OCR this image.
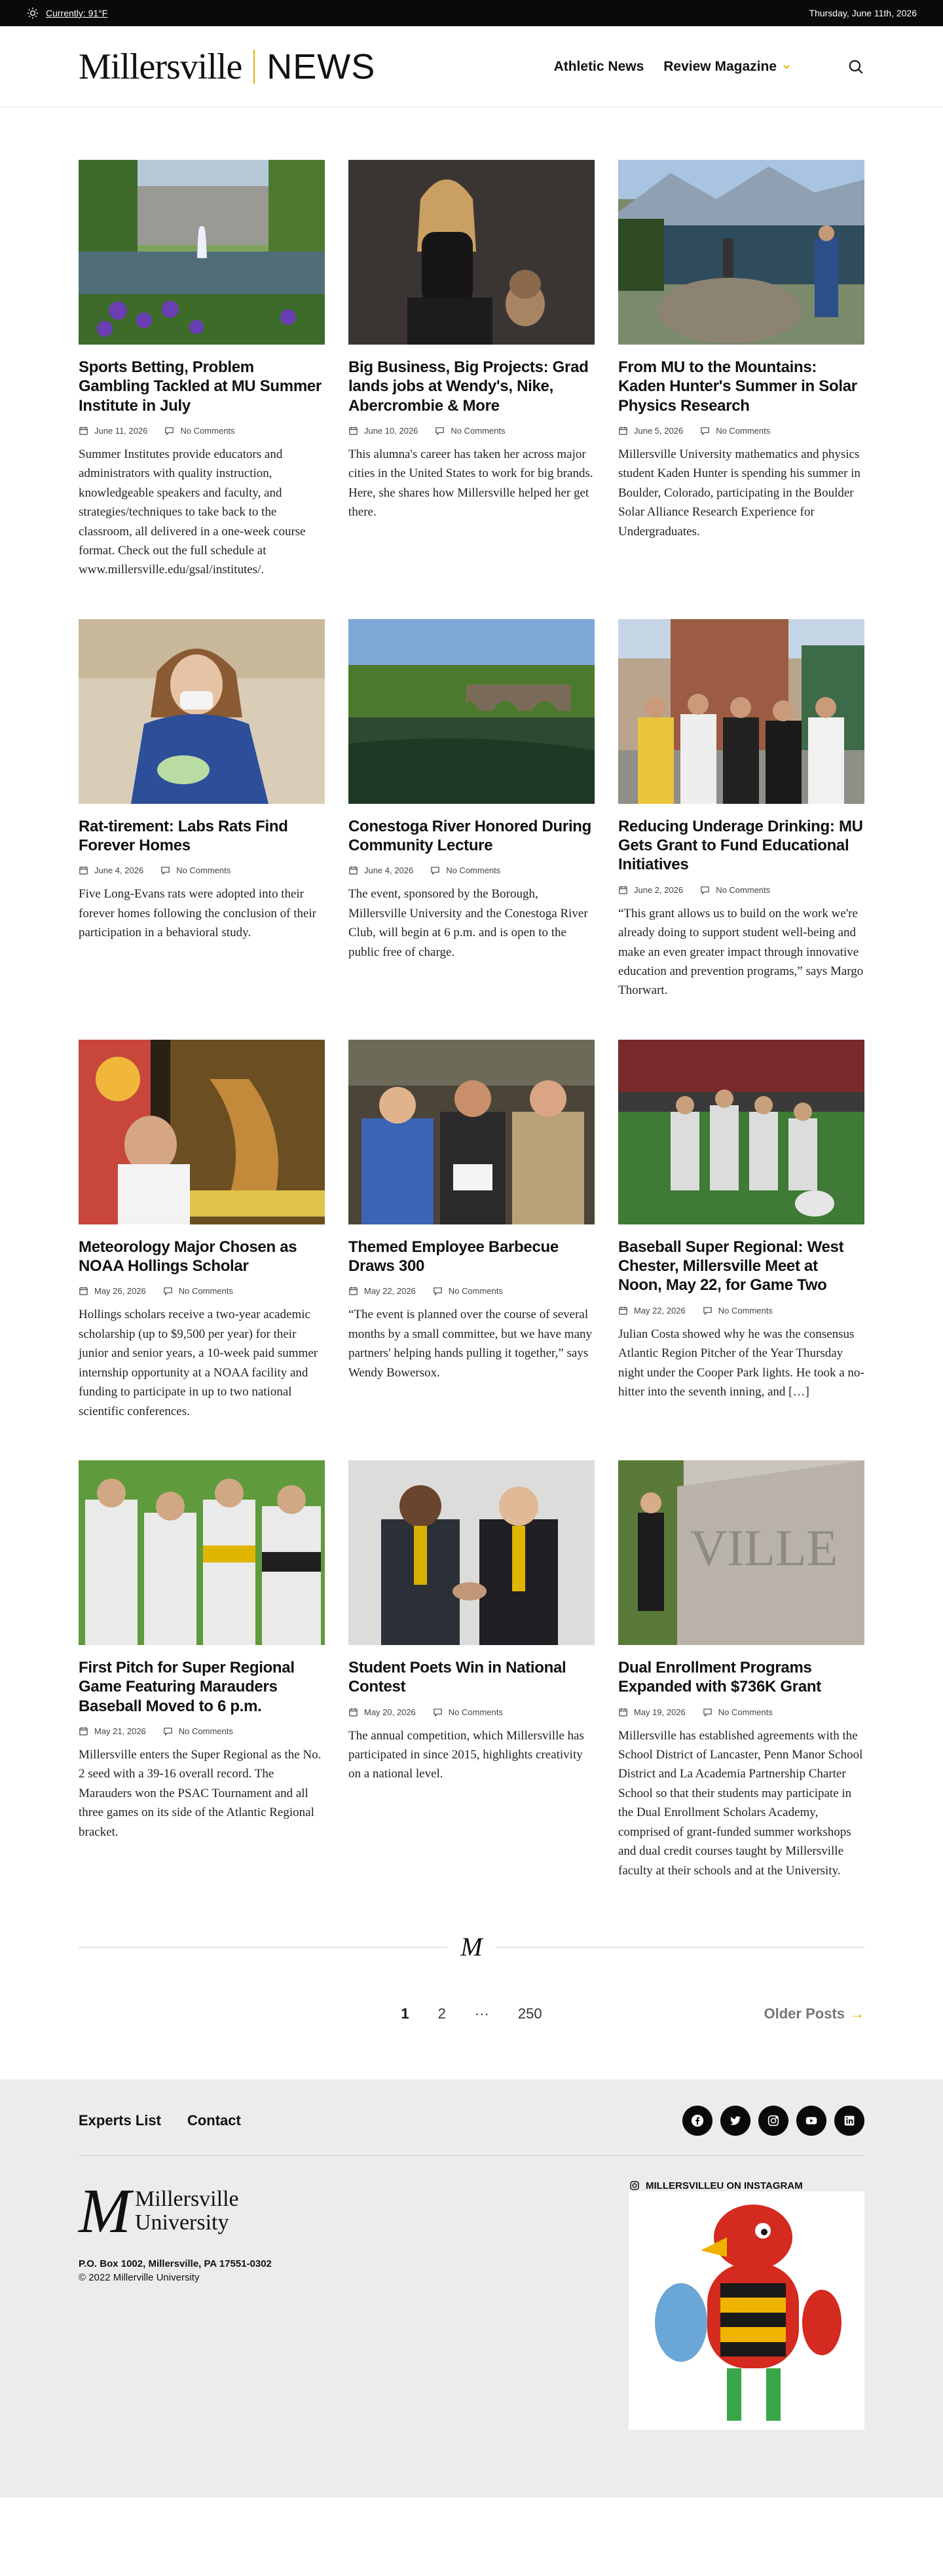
Currently: 91°F	Thursday, June 11th, 2026
Millersville NEWS	Athletic News Review Magazine
Sports Betting, Problem Gambling Tackled at MU Summer Institute in July
June 11, 2026	No Comments

Summer Institutes provide educators and administrators with quality instruction, knowledgeable speakers and faculty, and strategies/techniques to take back to the classroom, all delivered in a one-week course format. Check out the full schedule at www.millersville.edu/gsal/institutes/.

Big Business, Big Projects: Grad lands jobs at Wendy's, Nike, Abercrombie & More
June 10, 2026	No Comments

This alumna's career has taken her across major cities in the United States to work for big brands. Here, she shares how Millersville helped her get there.

From MU to the Mountains: Kaden Hunter's Summer in Solar Physics Research
June 5, 2026	No Comments

Millersville University mathematics and physics student Kaden Hunter is spending his summer in Boulder, Colorado, participating in the Boulder Solar Alliance Research Experience for Undergraduates.

Rat-tirement: Labs Rats Find Forever Homes
June 4, 2026	No Comments

Five Long-Evans rats were adopted into their forever homes following the conclusion of their participation in a behavioral study.

Conestoga River Honored During Community Lecture
June 4, 2026	No Comments

The event, sponsored by the Borough, Millersville University and the Conestoga River Club, will begin at 6 p.m. and is open to the public free of charge.

Reducing Underage Drinking: MU Gets Grant to Fund Educational Initiatives
June 2, 2026	No Comments

“This grant allows us to build on the work we're already doing to support student well-being and make an even greater impact through innovative education and prevention programs,” says Margo Thorwart.

Meteorology Major Chosen as NOAA Hollings Scholar
May 26, 2026	No Comments

Hollings scholars receive a two-year academic scholarship (up to $9,500 per year) for their junior and senior years, a 10-week paid summer internship opportunity at a NOAA facility and funding to participate in up to two national scientific conferences.

Themed Employee Barbecue Draws 300
May 22, 2026	No Comments

“The event is planned over the course of several months by a small committee, but we have many partners' helping hands pulling it together,” says Wendy Bowersox.

Baseball Super Regional: West Chester, Millersville Meet at Noon, May 22, for Game Two
May 22, 2026	No Comments

Julian Costa showed why he was the consensus Atlantic Region Pitcher of the Year Thursday night under the Cooper Park lights. He took a no-hitter into the seventh inning, and […]

First Pitch for Super Regional Game Featuring Marauders Baseball Moved to 6 p.m.
May 21, 2026	No Comments

Millersville enters the Super Regional as the No. 2 seed with a 39-16 overall record. The Marauders won the PSAC Tournament and all three games on its side of the Atlantic Regional bracket.

Student Poets Win in National Contest
May 20, 2026	No Comments

The annual competition, which Millersville has participated in since 2015, highlights creativity on a national level.

VILLE
Dual Enrollment Programs Expanded with $736K Grant
May 19, 2026	No Comments

Millersville has established agreements with the School District of Lancaster, Penn Manor School District and La Academia Partnership Charter School so that their students may participate in the Dual Enrollment Scholars Academy, comprised of grant-funded summer workshops and dual credit courses taught by Millersville faculty at their schools and at the University.

M
1 2 ··· 250	Older Posts →
Experts List Contact
M Millersville
University

P.O. Box 1002, Millersville, PA 17551-0302

© 2022 Millerville University

MILLERSVILLEU ON INSTAGRAM
